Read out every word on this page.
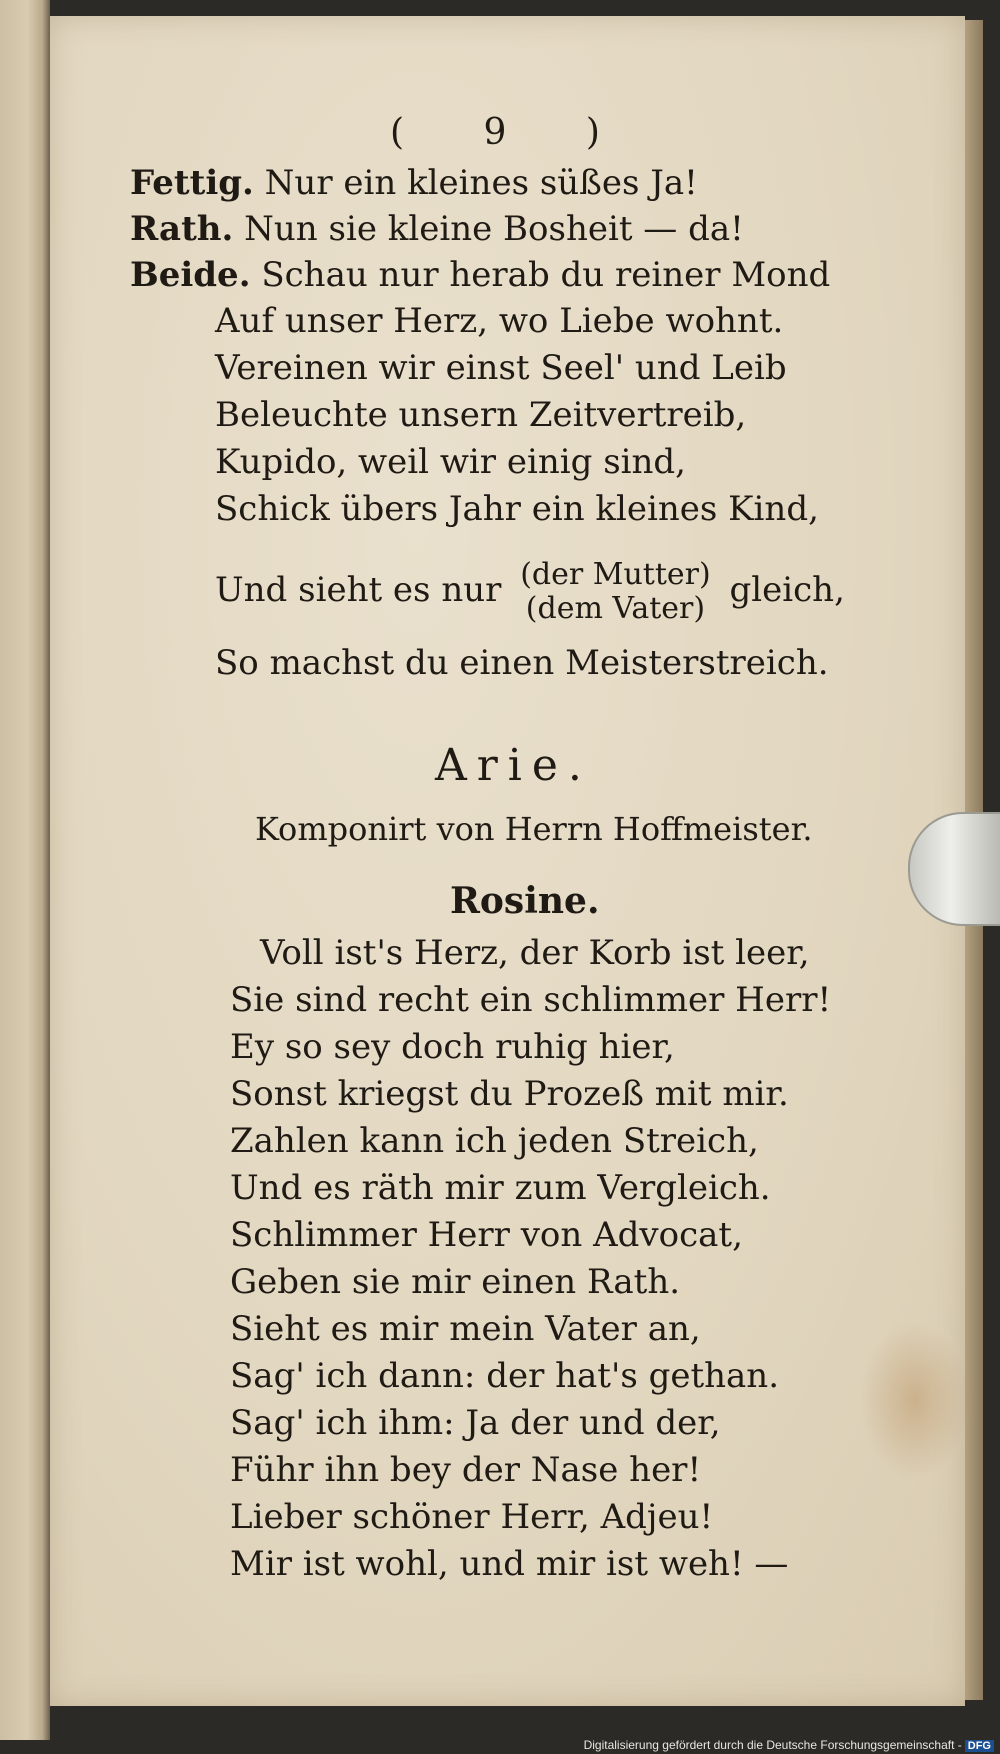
( 9 )
Fettig. Nur ein kleines süßes Ja!
Rath. Nun sie kleine Bosheit — da!
Beide. Schau nur herab du reiner Mond
Auf unser Herz, wo Liebe wohnt.
Vereinen wir einst Seel' und Leib
Beleuchte unsern Zeitvertreib,
Kupido, weil wir einig sind,
Schick übers Jahr ein kleines Kind,
Und sieht es nur (der Mutter)
(dem Vater) gleich,
So machst du einen Meisterstreich.
Arie.
Komponirt von Herrn Hoffmeister.
Rosine.
Voll ist's Herz, der Korb ist leer,
Sie sind recht ein schlimmer Herr!
Ey so sey doch ruhig hier,
Sonst kriegst du Prozeß mit mir.
Zahlen kann ich jeden Streich,
Und es räth mir zum Vergleich.
Schlimmer Herr von Advocat,
Geben sie mir einen Rath.
Sieht es mir mein Vater an,
Sag' ich dann: der hat's gethan.
Sag' ich ihm: Ja der und der,
Führ ihn bey der Nase her!
Lieber schöner Herr, Adjeu!
Mir ist wohl, und mir ist weh! —
Digitalisierung gefördert durch die Deutsche Forschungsgemeinschaft - DFG
